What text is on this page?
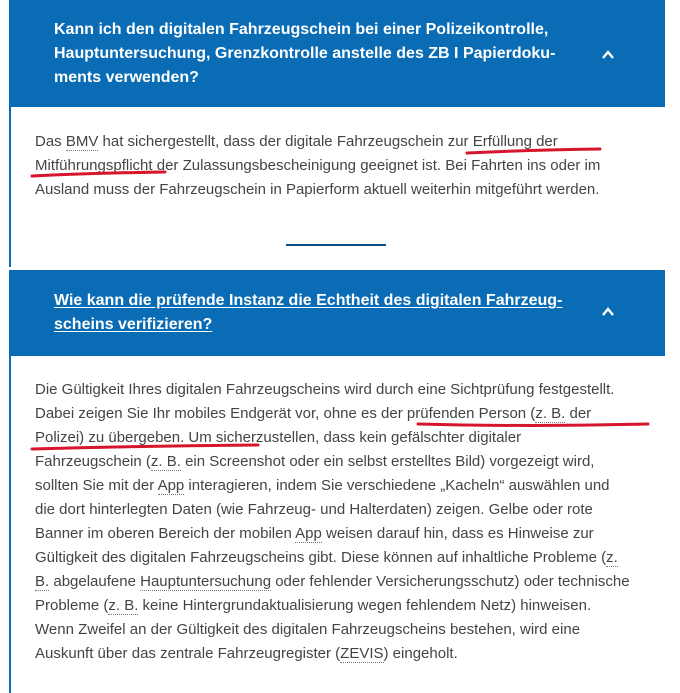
Kann ich den digitalen Fahrzeugschein bei einer Polizeikontrolle,
Hauptuntersuchung, Grenzkontrolle anstelle des ZB I Papierdoku-
ments verwenden?

Das BMV hat sichergestellt, dass der digitale Fahrzeugschein zur Erfüllung der Mitführungspflicht der Zulassungsbescheinigung geeignet ist. Bei Fahrten ins oder im Ausland muss der Fahrzeugschein in Papierform aktuell weiterhin mitgeführt werden.

Wie kann die prüfende Instanz die Echtheit des digitalen Fahrzeug-
scheins verifizieren?

Die Gültigkeit Ihres digitalen Fahrzeugscheins wird durch eine Sichtprüfung festgestellt. Dabei zeigen Sie Ihr mobiles Endgerät vor, ohne es der prüfenden Person (z. B. der Polizei) zu übergeben. Um sicherzustellen, dass kein gefälschter digitaler Fahrzeugschein (z. B. ein Screenshot oder ein selbst erstelltes Bild) vorgezeigt wird, sollten Sie mit der App interagieren, indem Sie verschiedene „Kacheln“ auswählen und die dort hinterlegten Daten (wie Fahrzeug- und Halterdaten) zeigen. Gelbe oder rote Banner im oberen Bereich der mobilen App weisen darauf hin, dass es Hinweise zur Gültigkeit des digitalen Fahrzeugscheins gibt. Diese können auf inhaltliche Probleme (z. B. abgelaufene Hauptuntersuchung oder fehlender Versicherungsschutz) oder technische Probleme (z. B. keine Hintergrundaktualisierung wegen fehlendem Netz) hinweisen. Wenn Zweifel an der Gültigkeit des digitalen Fahrzeugscheins bestehen, wird eine Auskunft über das zentrale Fahrzeugregister (ZEVIS) eingeholt.
